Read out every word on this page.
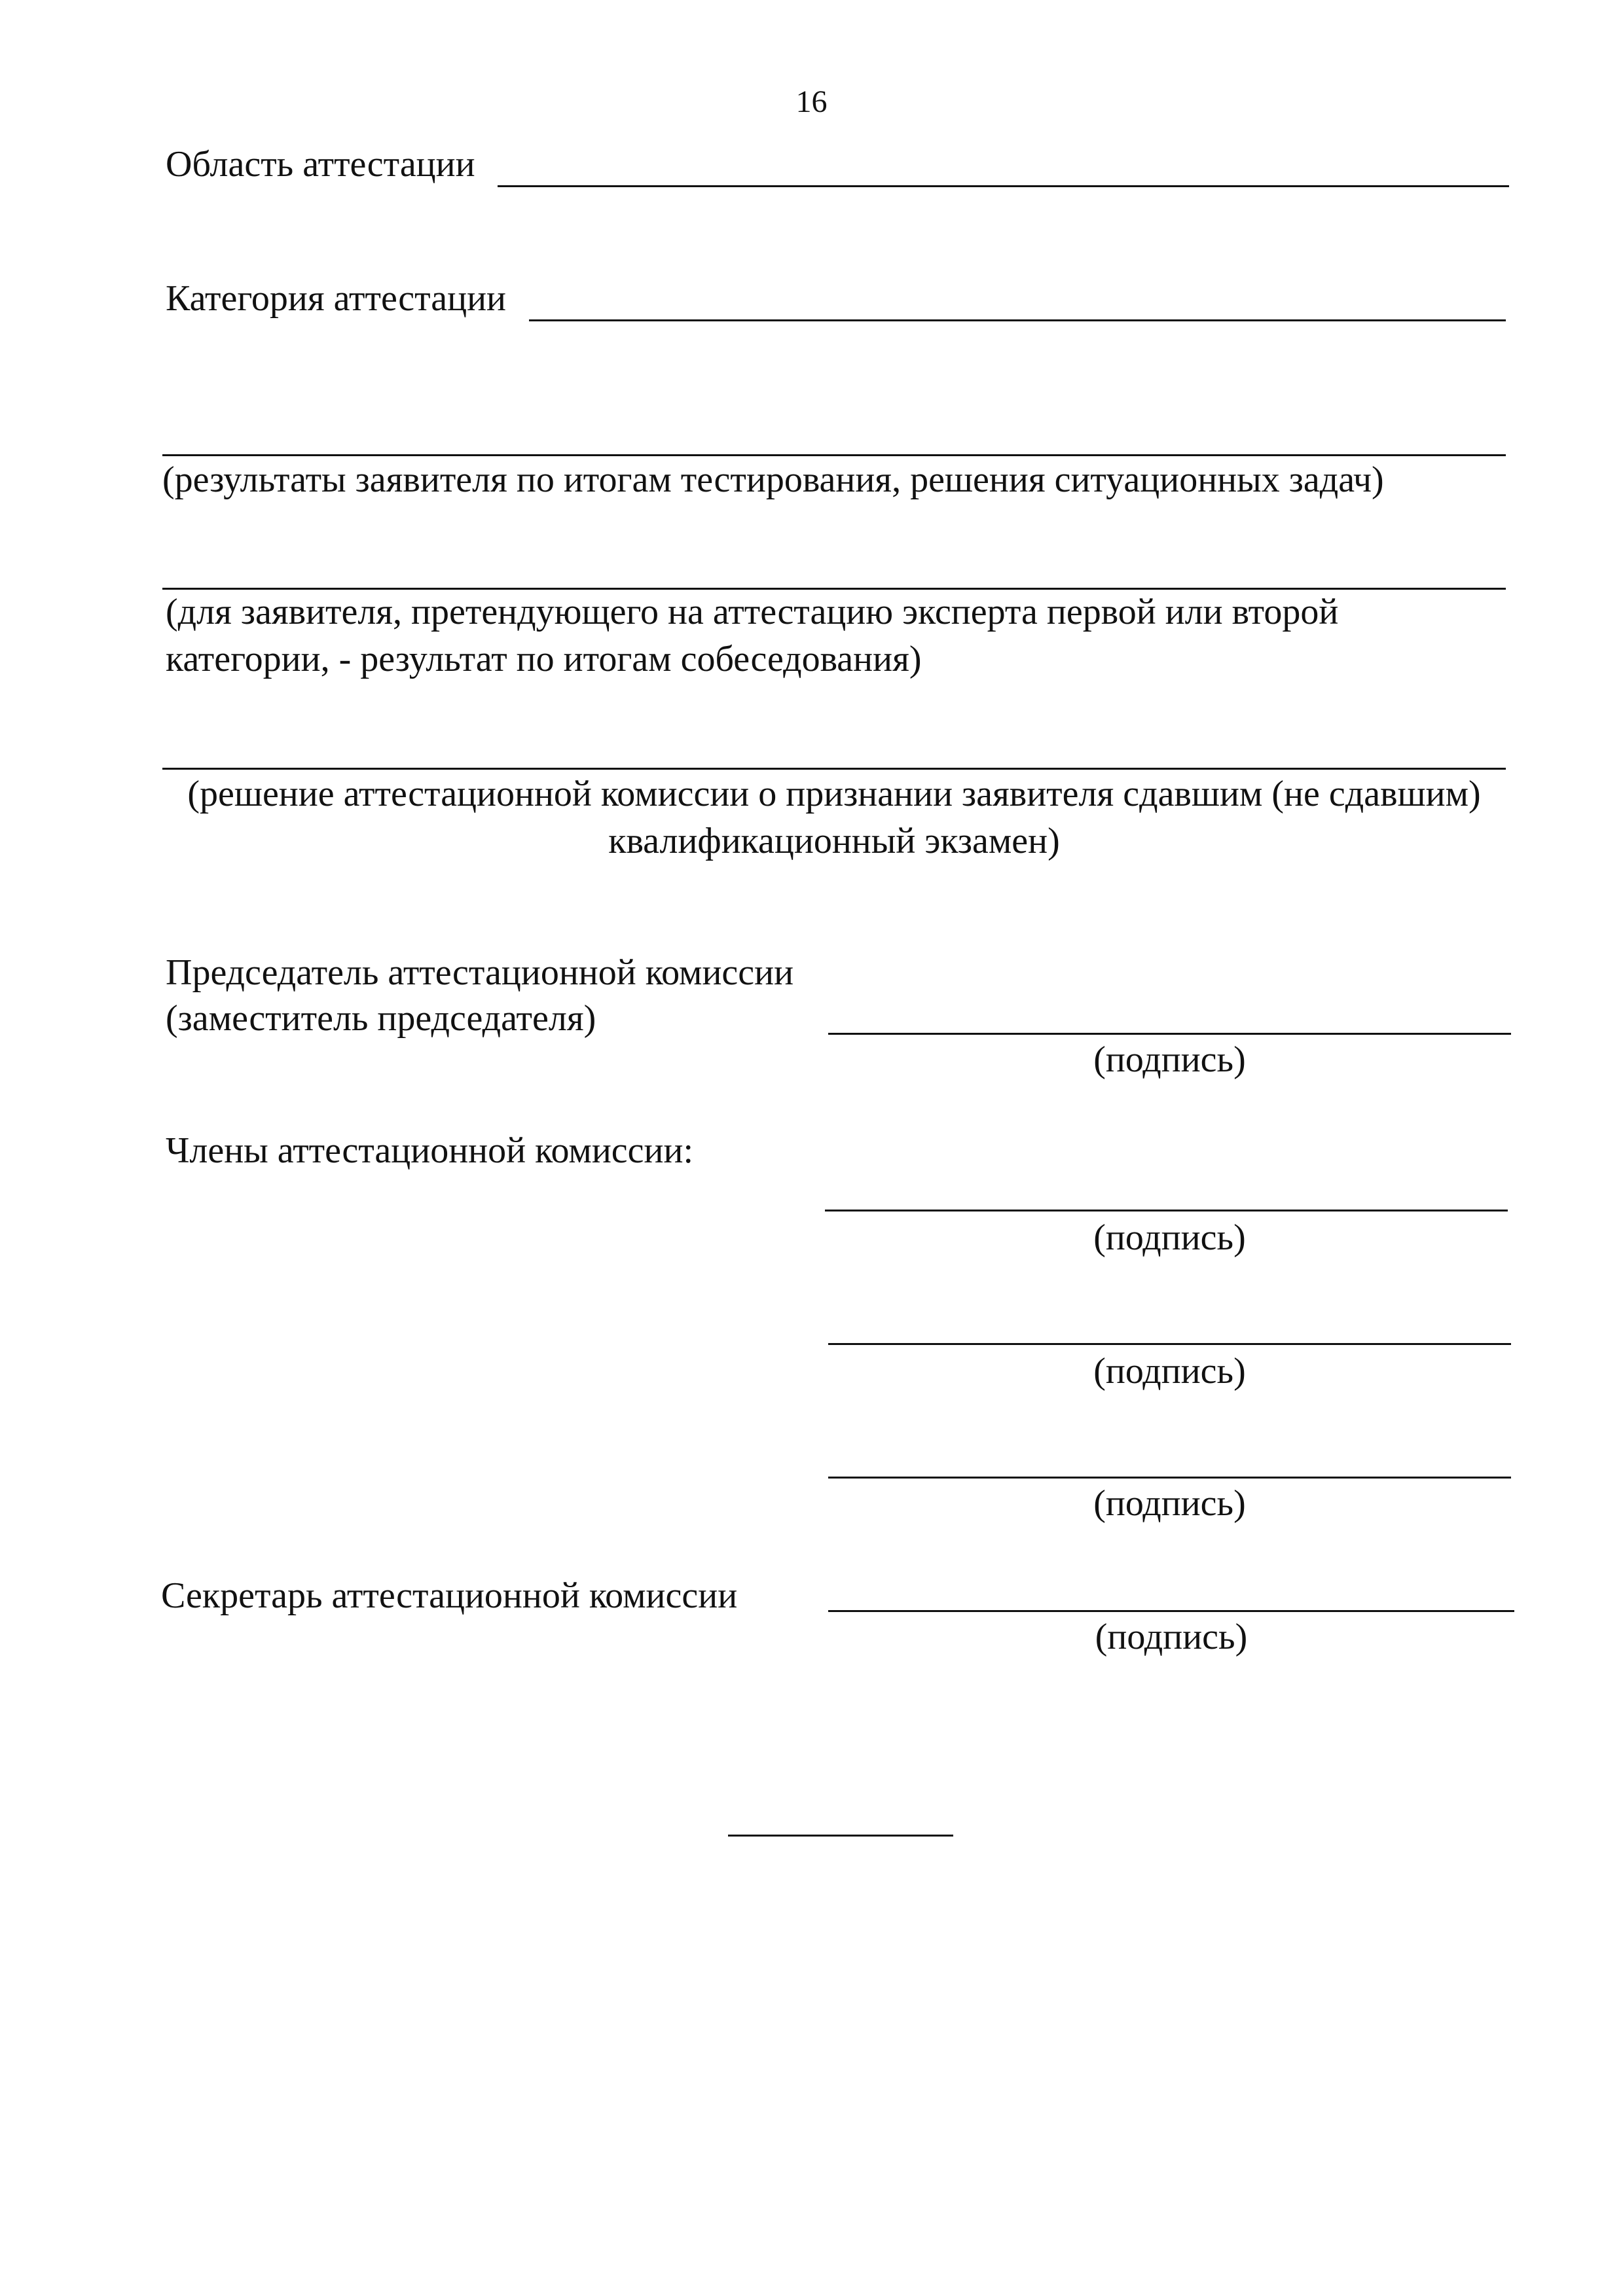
16
Область аттестации
Категория аттестации
(результаты заявителя по итогам тестирования, решения ситуационных задач)
(для заявителя, претендующего на аттестацию эксперта первой или второй
категории, - результат по итогам собеседования)
(решение аттестационной комиссии о признании заявителя сдавшим (не сдавшим)
квалификационный экзамен)
Председатель аттестационной комиссии
(заместитель председателя)
(подпись)
Члены аттестационной комиссии:
(подпись)
(подпись)
(подпись)
Секретарь аттестационной комиссии
(подпись)
